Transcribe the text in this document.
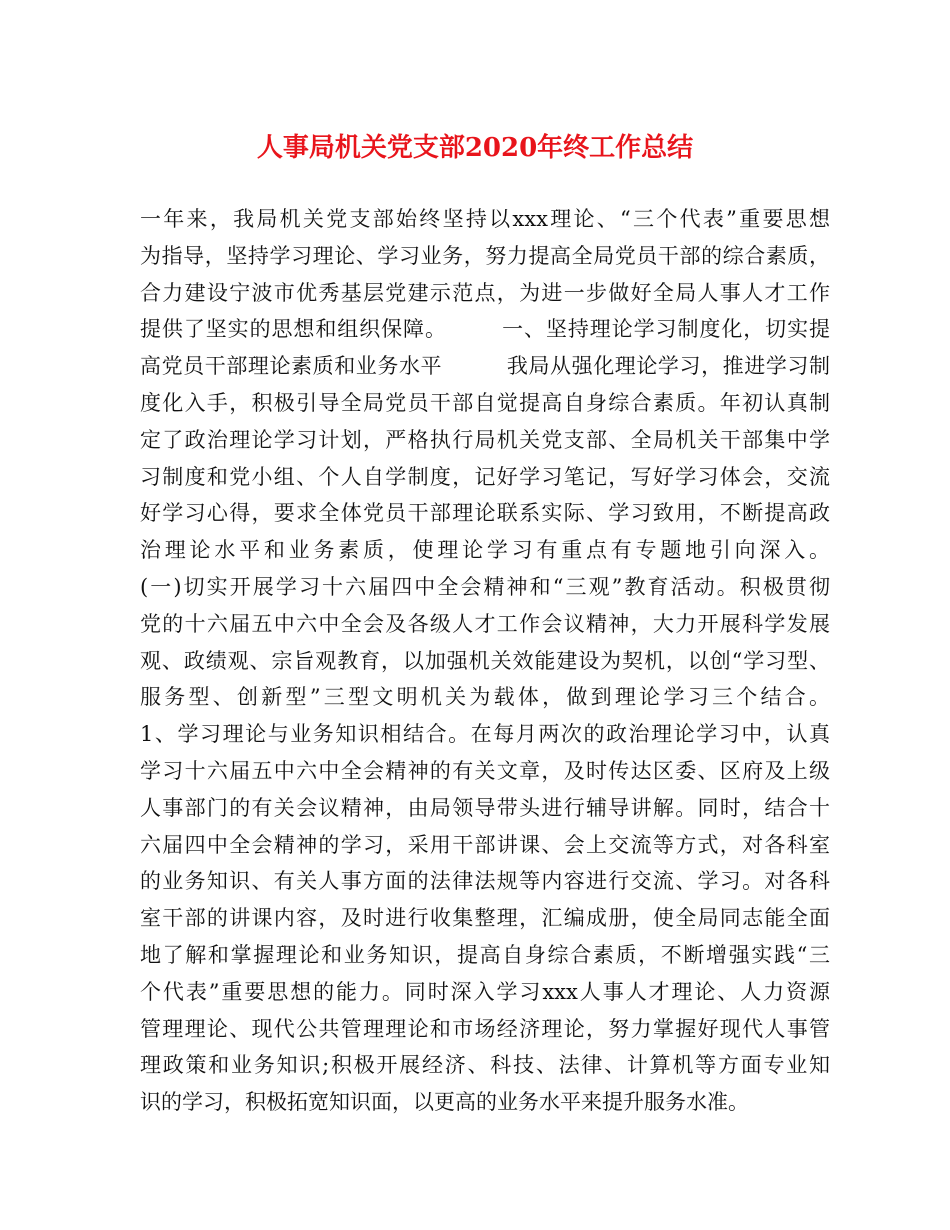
人事局机关党支部2020年终工作总结
一年来，我局机关党支部始终坚持以xxx理论、“三个代表”重要思想
为指导，坚持学习理论、学习业务，努力提高全局党员干部的综合素质，
合力建设宁波市优秀基层党建示范点，为进一步做好全局人事人才工作
提供了坚实的思想和组织保障。　　　一、坚持理论学习制度化，切实提
高党员干部理论素质和业务水平　　　我局从强化理论学习，推进学习制
度化入手，积极引导全局党员干部自觉提高自身综合素质。年初认真制
定了政治理论学习计划，严格执行局机关党支部、全局机关干部集中学
习制度和党小组、个人自学制度，记好学习笔记，写好学习体会，交流
好学习心得，要求全体党员干部理论联系实际、学习致用，不断提高政
治理论水平和业务素质，使理论学习有重点有专题地引向深入。
(一)切实开展学习十六届四中全会精神和“三观”教育活动。积极贯彻
党的十六届五中六中全会及各级人才工作会议精神，大力开展科学发展
观、政绩观、宗旨观教育，以加强机关效能建设为契机，以创“学习型、
服务型、创新型”三型文明机关为载体，做到理论学习三个结合。
1、学习理论与业务知识相结合。在每月两次的政治理论学习中，认真
学习十六届五中六中全会精神的有关文章，及时传达区委、区府及上级
人事部门的有关会议精神，由局领导带头进行辅导讲解。同时，结合十
六届四中全会精神的学习，采用干部讲课、会上交流等方式，对各科室
的业务知识、有关人事方面的法律法规等内容进行交流、学习。对各科
室干部的讲课内容，及时进行收集整理，汇编成册，使全局同志能全面
地了解和掌握理论和业务知识，提高自身综合素质，不断增强实践“三
个代表”重要思想的能力。同时深入学习xxx人事人才理论、人力资源
管理理论、现代公共管理理论和市场经济理论，努力掌握好现代人事管
理政策和业务知识;积极开展经济、科技、法律、计算机等方面专业知
识的学习，积极拓宽知识面，以更高的业务水平来提升服务水准。
